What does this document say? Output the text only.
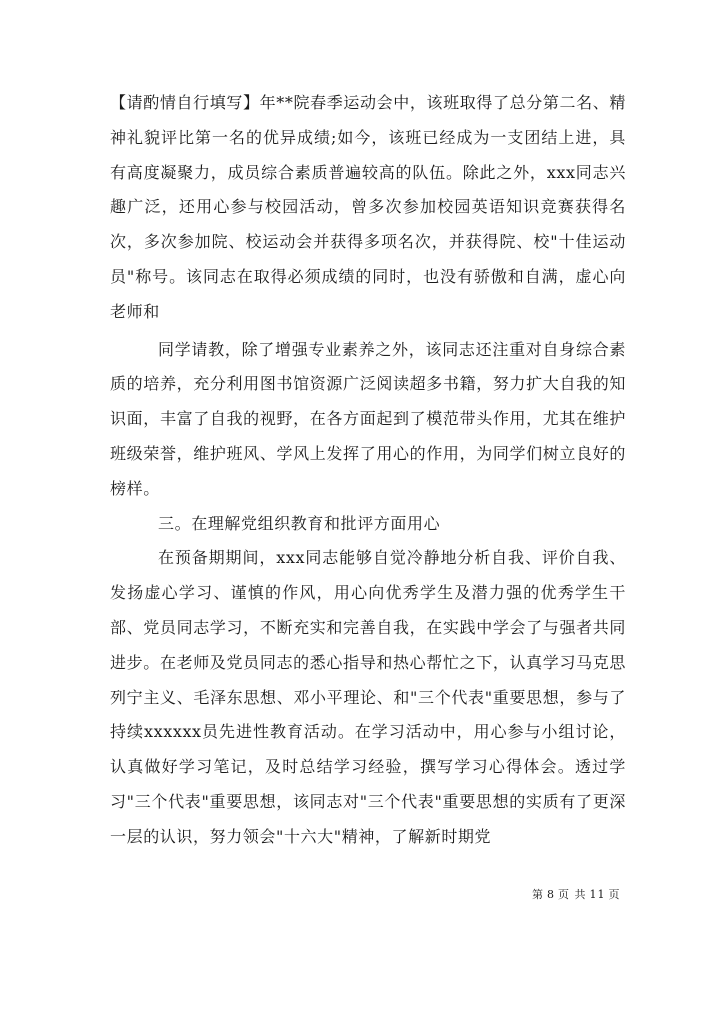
【请酌情自行填写】年**院春季运动会中，该班取得了总分第二名、精神礼貌评比第一名的优异成绩;如今，该班已经成为一支团结上进，具有高度凝聚力，成员综合素质普遍较高的队伍。除此之外，xxx同志兴趣广泛，还用心参与校园活动，曾多次参加校园英语知识竞赛获得名次，多次参加院、校运动会并获得多项名次，并获得院、校"十佳运动员"称号。该同志在取得必须成绩的同时，也没有骄傲和自满，虚心向老师和

同学请教，除了增强专业素养之外，该同志还注重对自身综合素质的培养，充分利用图书馆资源广泛阅读超多书籍，努力扩大自我的知识面，丰富了自我的视野，在各方面起到了模范带头作用，尤其在维护班级荣誉，维护班风、学风上发挥了用心的作用，为同学们树立良好的榜样。

三。在理解党组织教育和批评方面用心

在预备期期间，xxx同志能够自觉冷静地分析自我、评价自我、发扬虚心学习、谨慎的作风，用心向优秀学生及潜力强的优秀学生干部、党员同志学习，不断充实和完善自我，在实践中学会了与强者共同进步。在老师及党员同志的悉心指导和热心帮忙之下，认真学习马克思列宁主义、毛泽东思想、邓小平理论、和"三个代表"重要思想，参与了持续xxxxxx员先进性教育活动。在学习活动中，用心参与小组讨论，认真做好学习笔记，及时总结学习经验，撰写学习心得体会。透过学习"三个代表"重要思想，该同志对"三个代表"重要思想的实质有了更深一层的认识，努力领会"十六大"精神，了解新时期党

第 8 页 共 11 页
